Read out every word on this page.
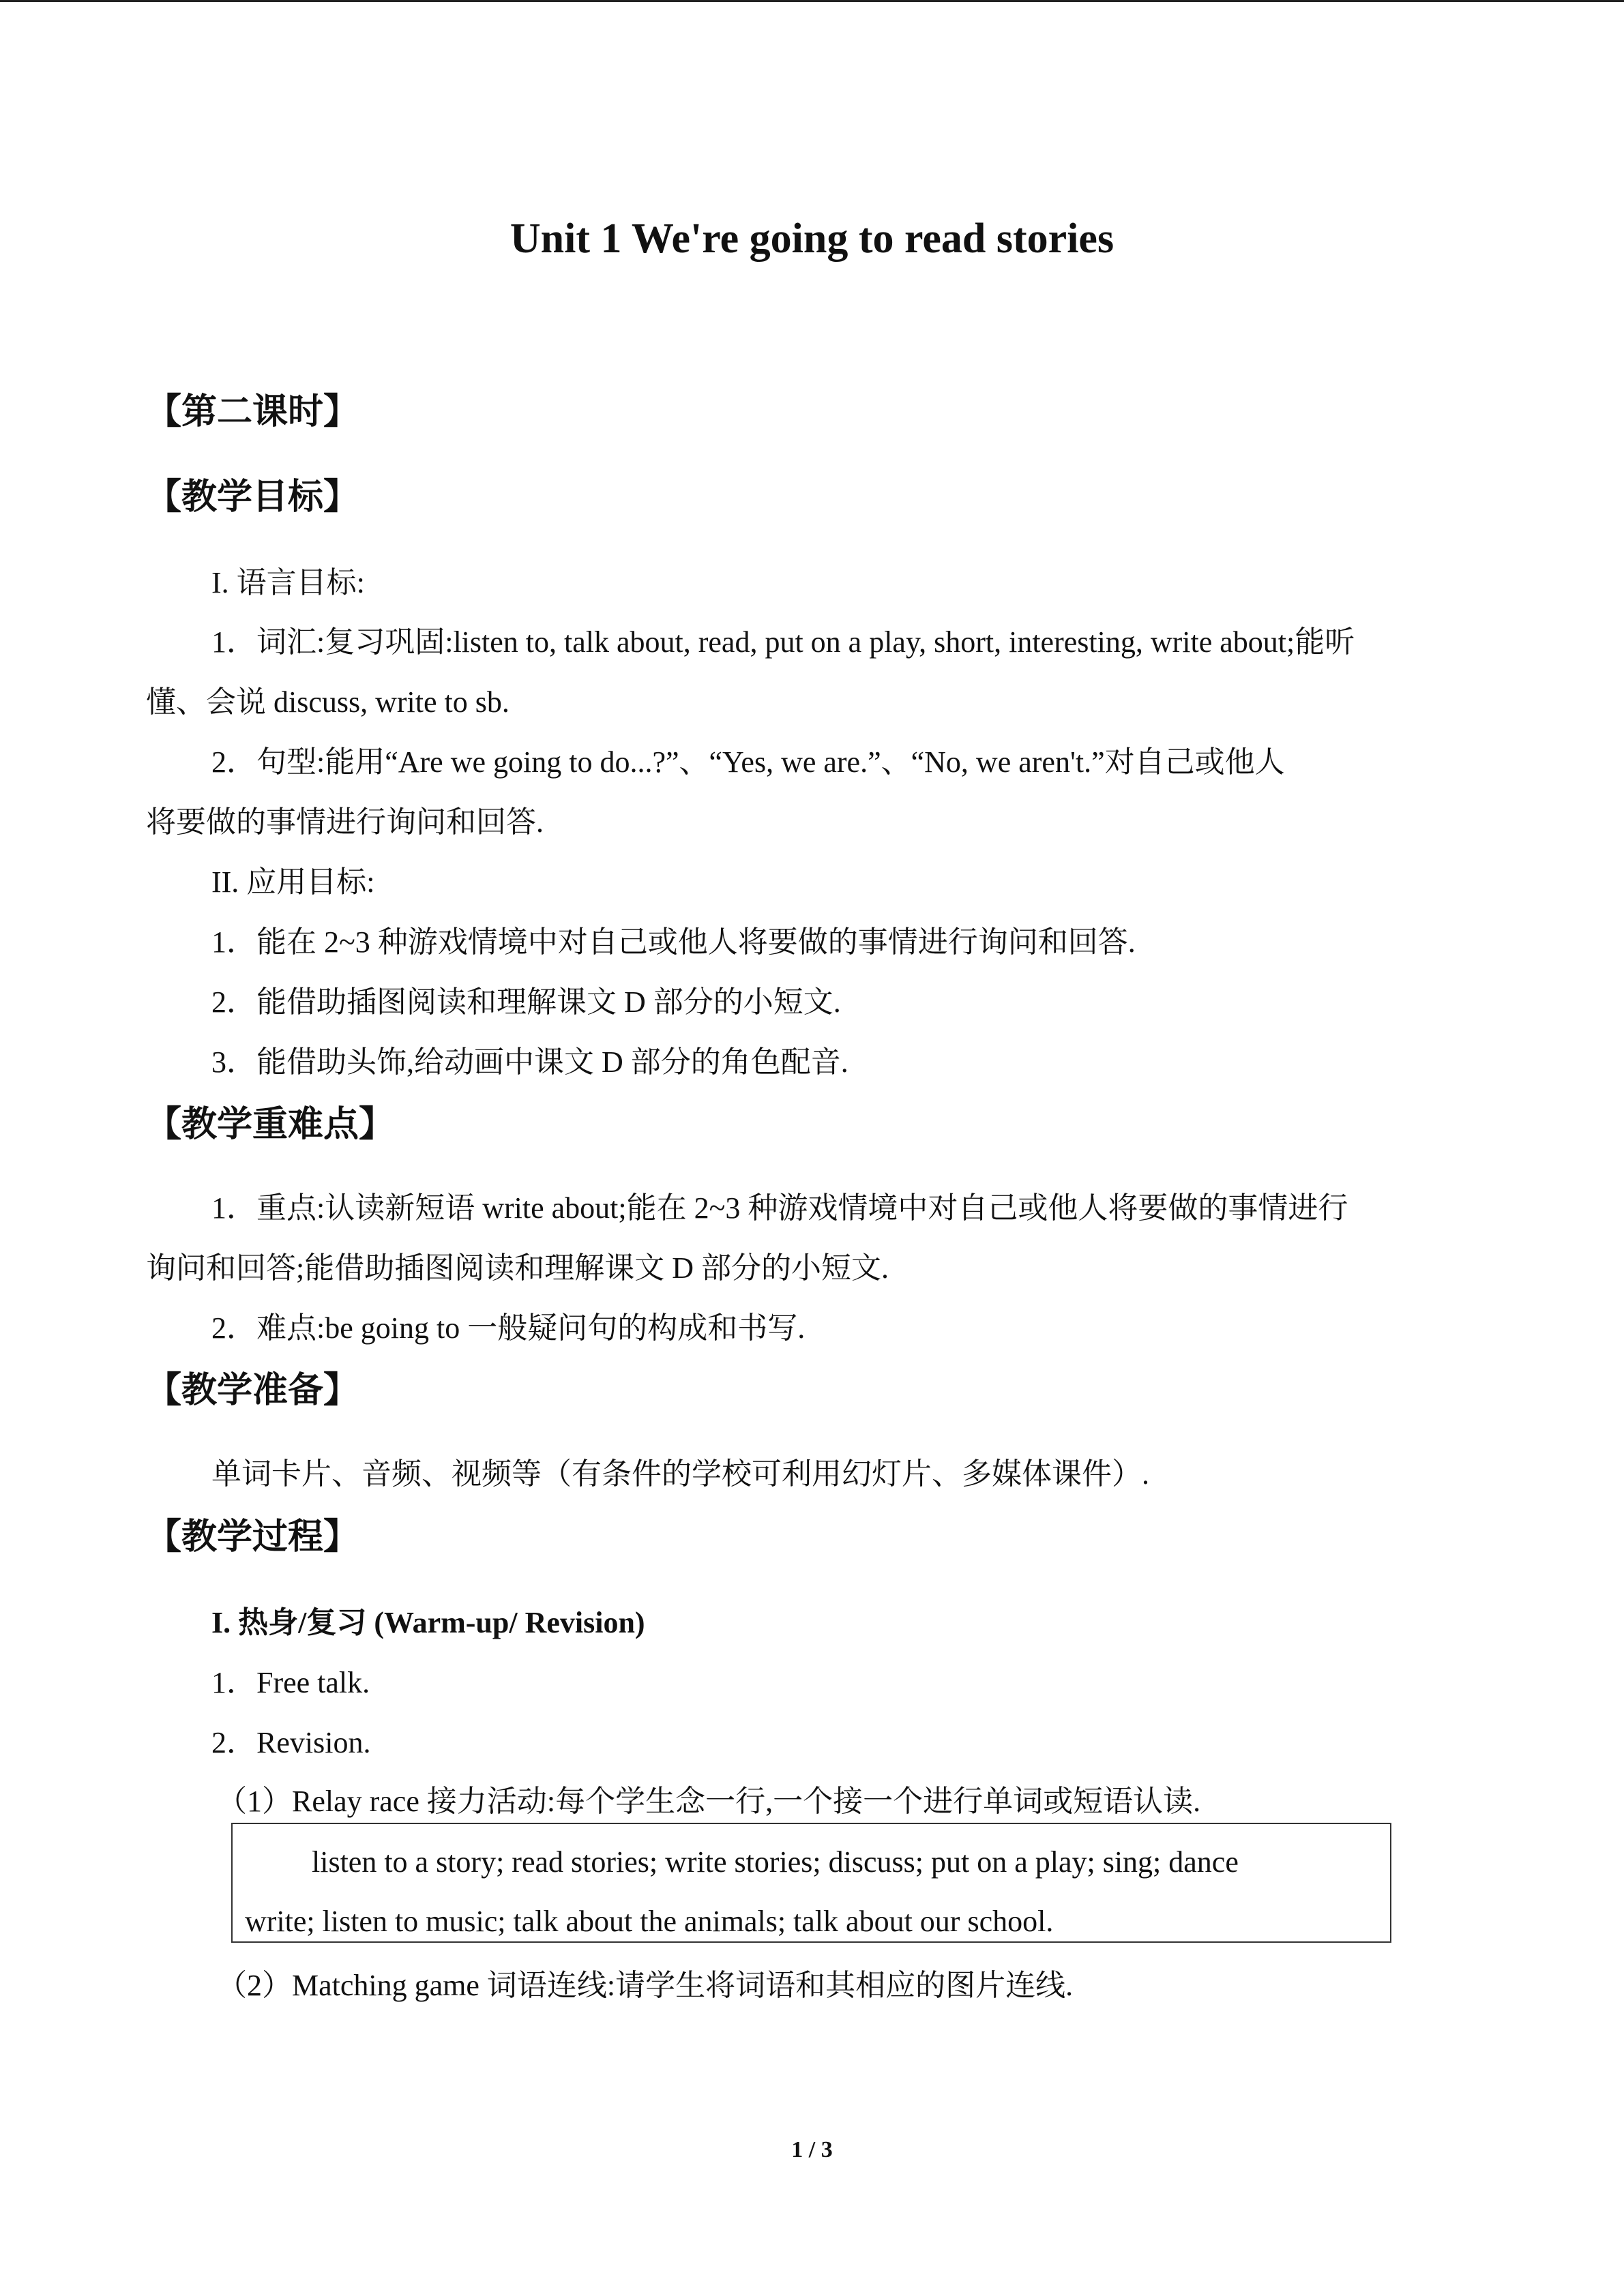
Unit 1 We're going to read stories
【第二课时】
【教学目标】
I. 语言目标:
1．词汇:复习巩固:listen to, talk about, read, put on a play, short, interesting, write about;能听
懂、会说 discuss, write to sb.
2．句型:能用“Are we going to do...?”、“Yes, we are.”、“No, we aren't.”对自己或他人
将要做的事情进行询问和回答.
II. 应用目标:
1．能在 2~3 种游戏情境中对自己或他人将要做的事情进行询问和回答.
2．能借助插图阅读和理解课文 D 部分的小短文.
3．能借助头饰,给动画中课文 D 部分的角色配音.
【教学重难点】
1．重点:认读新短语 write about;能在 2~3 种游戏情境中对自己或他人将要做的事情进行
询问和回答;能借助插图阅读和理解课文 D 部分的小短文.
2．难点:be going to 一般疑问句的构成和书写.
【教学准备】
单词卡片、音频、视频等（有条件的学校可利用幻灯片、多媒体课件）.
【教学过程】
I. 热身/复习 (Warm-up/ Revision)
1．Free talk.
2．Revision.
（1）Relay race 接力活动:每个学生念一行,一个接一个进行单词或短语认读.
listen to a story; read stories; write stories; discuss; put on a play; sing; dance
write; listen to music; talk about the animals; talk about our school.
（2）Matching game 词语连线:请学生将词语和其相应的图片连线.
1 / 3
